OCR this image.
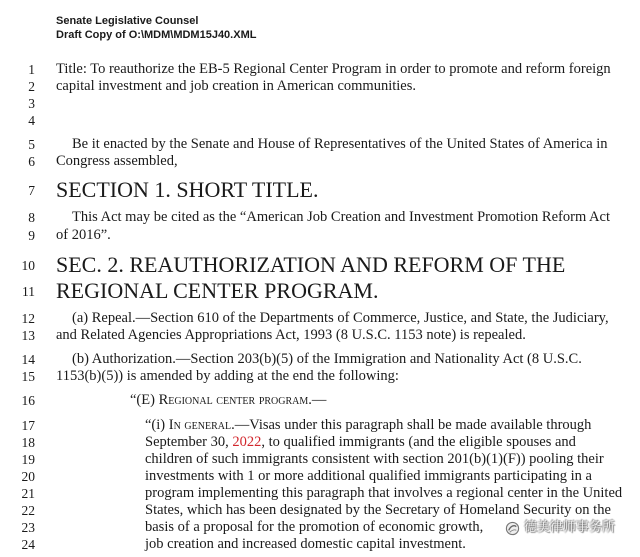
Senate Legislative Counsel
Draft Copy of O:\MDM\MDM15J40.XML
1
2
3
4
5
6
7
8
9
10
11
12
13
14
15
16
17
18
19
20
21
22
23
24
Title: To reauthorize the EB-5 Regional Center Program in order to promote and reform foreign
capital investment and job creation in American communities.
Be it enacted by the Senate and House of Representatives of the United States of America in
Congress assembled,
SECTION 1. SHORT TITLE.
This Act may be cited as the “American Job Creation and Investment Promotion Reform Act
of 2016”.
SEC. 2. REAUTHORIZATION AND REFORM OF THE
REGIONAL CENTER PROGRAM.
(a) Repeal.—Section 610 of the Departments of Commerce, Justice, and State, the Judiciary,
and Related Agencies Appropriations Act, 1993 (8 U.S.C. 1153 note) is repealed.
(b) Authorization.—Section 203(b)(5) of the Immigration and Nationality Act (8 U.S.C.
1153(b)(5)) is amended by adding at the end the following:
“(E) Regional center program.—
“(i) In general.—Visas under this paragraph shall be made available through
September 30, 2022, to qualified immigrants (and the eligible spouses and
children of such immigrants consistent with section 201(b)(1)(F)) pooling their
investments with 1 or more additional qualified immigrants participating in a
program implementing this paragraph that involves a regional center in the United
States, which has been designated by the Secretary of Homeland Security on the
basis of a proposal for the promotion of economic growth,
job creation and increased domestic capital investment.
德美律师事务所
